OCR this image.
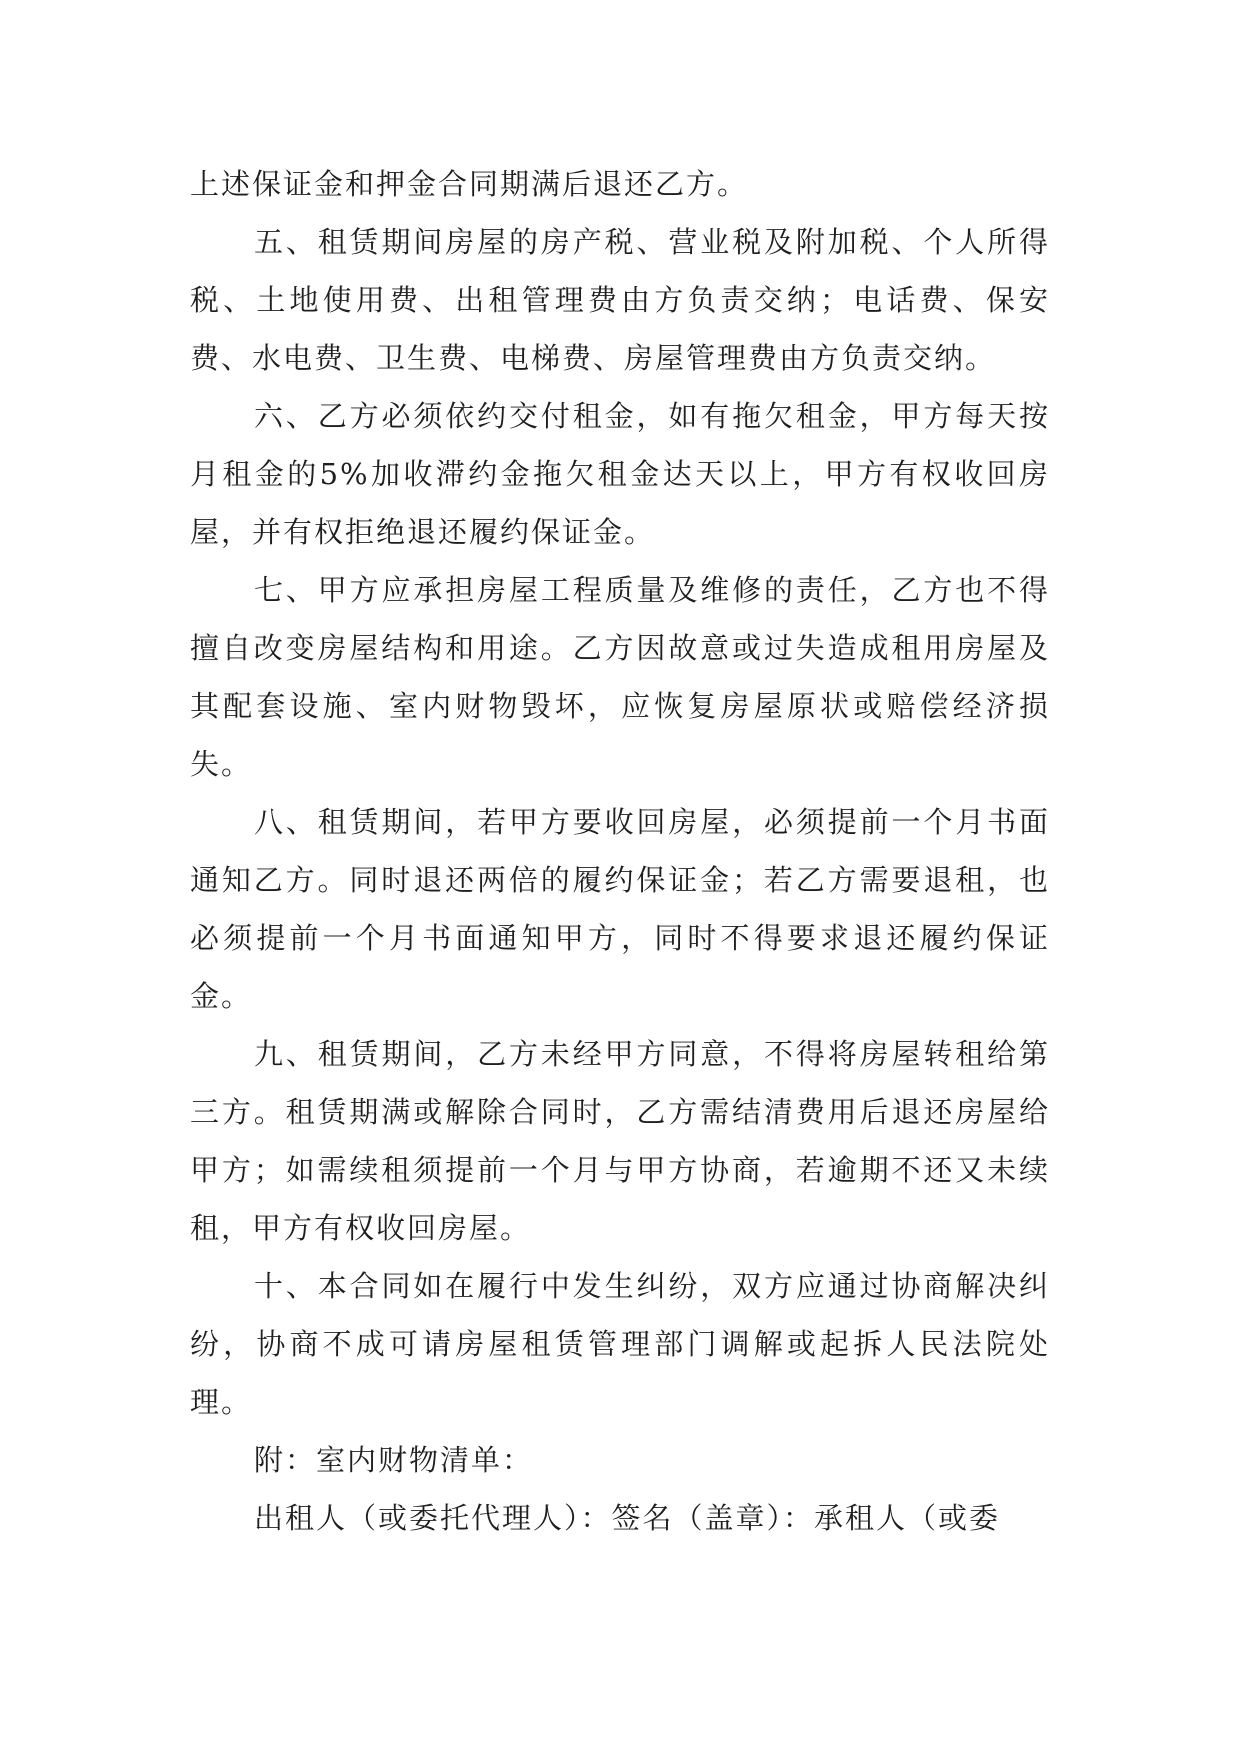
上述保证金和押金合同期满后退还乙方。

五、租赁期间房屋的房产税、营业税及附加税、个人所得税、土地使用费、出租管理费由方负责交纳；电话费、保安费、水电费、卫生费、电梯费、房屋管理费由方负责交纳。

六、乙方必须依约交付租金，如有拖欠租金，甲方每天按月租金的5%加收滞约金拖欠租金达天以上，甲方有权收回房屋，并有权拒绝退还履约保证金。

七、甲方应承担房屋工程质量及维修的责任，乙方也不得擅自改变房屋结构和用途。乙方因故意或过失造成租用房屋及其配套设施、室内财物毁坏，应恢复房屋原状或赔偿经济损失。

八、租赁期间，若甲方要收回房屋，必须提前一个月书面通知乙方。同时退还两倍的履约保证金；若乙方需要退租，也必须提前一个月书面通知甲方，同时不得要求退还履约保证金。

九、租赁期间，乙方未经甲方同意，不得将房屋转租给第三方。租赁期满或解除合同时，乙方需结清费用后退还房屋给甲方；如需续租须提前一个月与甲方协商，若逾期不还又未续租，甲方有权收回房屋。

十、本合同如在履行中发生纠纷，双方应通过协商解决纠纷，协商不成可请房屋租赁管理部门调解或起拆人民法院处理。

附：室内财物清单：

出租人（或委托代理人）：签名（盖章）：承租人（或委
